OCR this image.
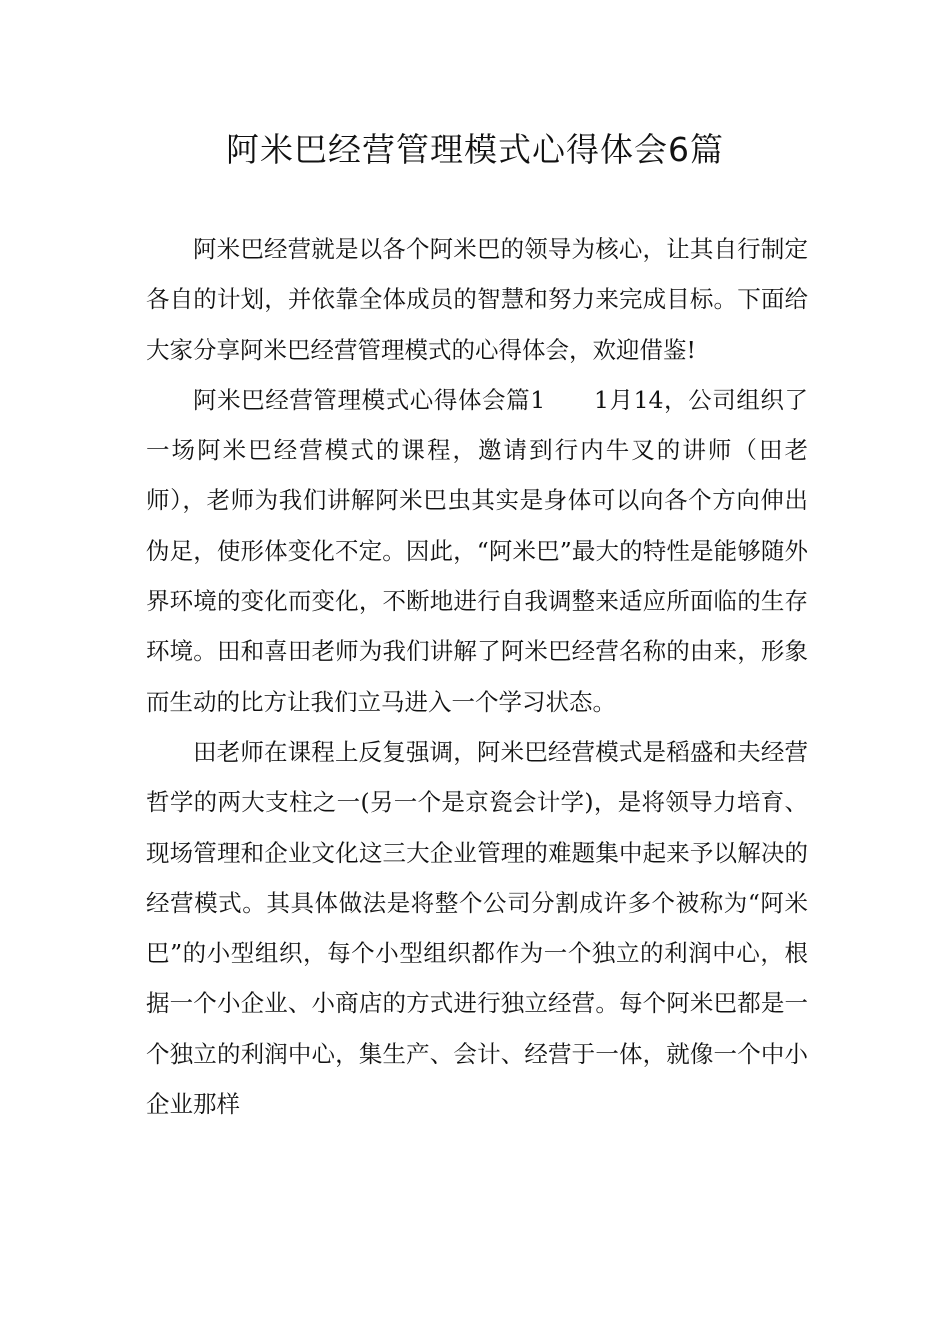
阿米巴经营管理模式心得体会6篇

阿米巴经营就是以各个阿米巴的领导为核心，让其自行制定各自的计划，并依靠全体成员的智慧和努力来完成目标。下面给大家分享阿米巴经营管理模式的心得体会，欢迎借鉴!

阿米巴经营管理模式心得体会篇1　　1月14，公司组织了一场阿米巴经营模式的课程，邀请到行内牛叉的讲师（田老师），老师为我们讲解阿米巴虫其实是身体可以向各个方向伸出伪足，使形体变化不定。因此，“阿米巴”最大的特性是能够随外界环境的变化而变化，不断地进行自我调整来适应所面临的生存环境。田和喜田老师为我们讲解了阿米巴经营名称的由来，形象而生动的比方让我们立马进入一个学习状态。

田老师在课程上反复强调，阿米巴经营模式是稻盛和夫经营哲学的两大支柱之一(另一个是京瓷会计学)，是将领导力培育、现场管理和企业文化这三大企业管理的难题集中起来予以解决的经营模式。其具体做法是将整个公司分割成许多个被称为“阿米巴”的小型组织，每个小型组织都作为一个独立的利润中心，根据一个小企业、小商店的方式进行独立经营。每个阿米巴都是一个独立的利润中心，集生产、会计、经营于一体，就像一个中小企业那样
